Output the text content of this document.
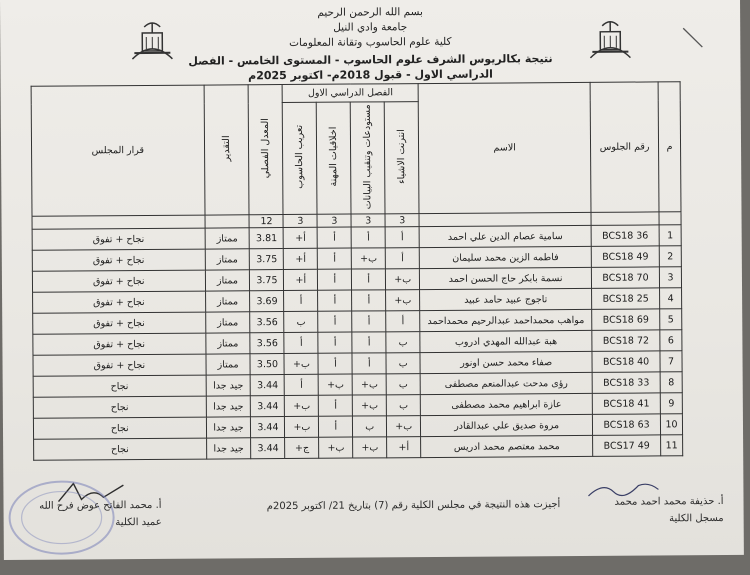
بسم الله الرحمن الرحيم
جامعة وادي النيل
كلية علوم الحاسوب وتقانة المعلومات
نتيجة بكالريوس الشرف علوم الحاسوب - المستوى الخامس - الفصل الدراسي الاول - قبول 2018م- اكتوبر 2025م
م	رقم الجلوس	الاسم	الفصل الدراسي الاول				المعدل الفصلي	التقدير	قرار المجلس
			انترنت الاشياء	مستودعات وتنقيب البيانات	اخلاقيات المهنة	تعريب الحاسوب			
			3	3	3	3	12		
1	BCS18 36	سامية عصام الدين علي احمد	أ	أ	أ	أ+	3.81	ممتاز	نجاح + تفوق
2	BCS18 49	فاطمه الزين محمد سليمان	أ	ب+	أ	أ+	3.75	ممتاز	نجاح + تفوق
3	BCS18 70	نسمة بابكر حاج الحسن احمد	ب+	أ	أ	أ+	3.75	ممتاز	نجاح + تفوق
4	BCS18 25	تاجوج عبيد حامد عبيد	ب+	أ	أ	أ	3.69	ممتاز	نجاح + تفوق
5	BCS18 69	مواهب محمداحمد عبدالرحيم محمداحمد	أ	أ	أ	ب	3.56	ممتاز	نجاح + تفوق
6	BCS18 72	هبة عبدالله المهدي ادروب	ب	أ	أ	أ	3.56	ممتاز	نجاح + تفوق
7	BCS18 40	صفاء محمد حسن اونور	ب	أ	أ	ب+	3.50	ممتاز	نجاح + تفوق
8	BCS18 33	رؤى مدحت عبدالمنعم مصطفى	ب	ب+	ب+	أ	3.44	جيد جدا	نجاح
9	BCS18 41	عازة ابراهيم محمد مصطفى	ب	ب+	أ	ب+	3.44	جيد جدا	نجاح
10	BCS18 63	مروة صديق علي عبدالقادر	ب+	ب	أ	ب+	3.44	جيد جدا	نجاح
11	BCS17 49	محمد معتصم محمد ادريس	أ+	ب+	ب+	ج+	3.44	جيد جدا	نجاح
أ. حذيفة محمد احمد محمد
مسجل الكلية
أجيزت هذه النتيجة في مجلس الكلية رقم (7) بتاريخ 21/ اكتوبر 2025م
أ. محمد الفاتح عوض فرح الله
عميد الكلية
